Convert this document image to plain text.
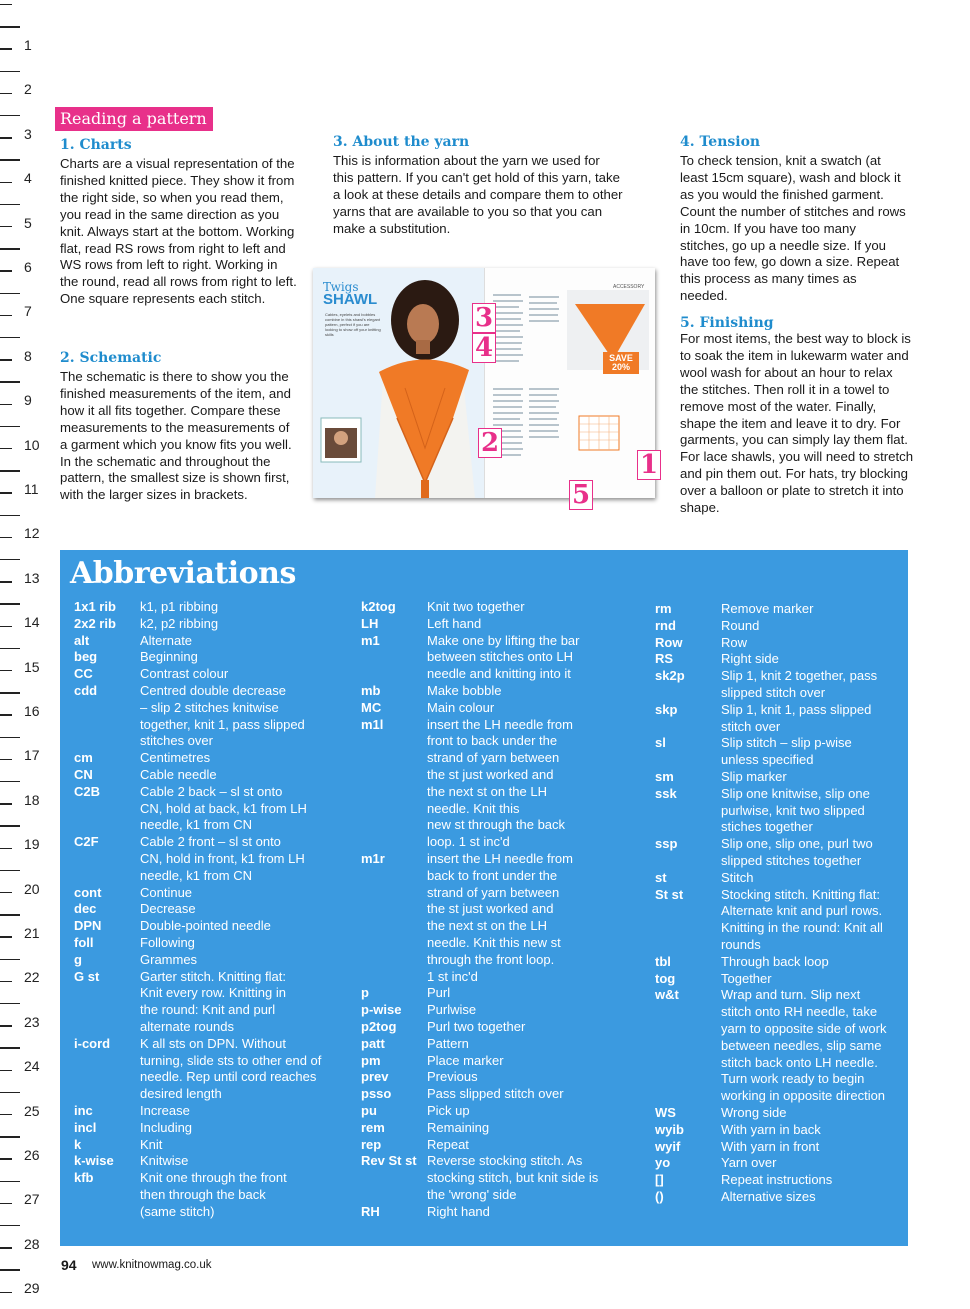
1
2
3
4
5
6
7
8
9
10
11
12
13
14
15
16
17
18
19
20
21
22
23
24
25
26
27
28
29
Reading a pattern
1. Charts

Charts are a visual representation of the finished knitted piece. They show it from the right side, so when you read them, you read in the same direction as you knit. Always start at the bottom. Working flat, read RS rows from right to left and WS rows from left to right. Working in the round, read all rows from right to left. One square represents each stitch.

2. Schematic

The schematic is there to show you the finished measurements of the item, and how it all fits together. Compare these measurements to the measurements of a garment which you know fits you well. In the schematic and throughout the pattern, the smallest size is shown first, with the larger sizes in brackets.

3. About the yarn

This is information about the yarn we used for this pattern. If you can't get hold of this yarn, take a look at these details and compare them to other yarns that are available to you so that you can make a substitution.

4. Tension

To check tension, knit a swatch (at least 15cm square), wash and block it as you would the finished garment. Count the number of stitches and rows in 10cm. If you have too many stitches, go up a needle size. If you have too few, go down a size. Repeat this process as many times as needed.

5. Finishing

For most items, the best way to block is to soak the item in lukewarm water and wool wash for about an hour to relax the stitches. Then roll it in a towel to remove most of the water. Finally, shape the item and leave it to dry. For garments, you can simply lay them flat. For lace shawls, you will need to stretch and pin them out. For hats, try blocking over a balloon or plate to stretch it into shape.

Twigs
SHAWL
Cables, eyelets and bobbles combine in this shawl's elegant pattern, perfect if you are looking to show off your knitting skills
ACCESSORY
SAVE 20%
3
4
2
1
5
Abbreviations
1x1 rib	k1, p1 ribbing
2x2 rib	k2, p2 ribbing
alt	Alternate
beg	Beginning
CC	Contrast colour
cdd	Centred double decrease
– slip 2 stitches knitwise
together, knit 1, pass slipped
stitches over
cm	Centimetres
CN	Cable needle
C2B	Cable 2 back – sl st onto
CN, hold at back, k1 from LH
needle, k1 from CN
C2F	Cable 2 front – sl st onto
CN, hold in front, k1 from LH
needle, k1 from CN
cont	Continue
dec	Decrease
DPN	Double-pointed needle
foll	Following
g	Grammes
G st	Garter stitch. Knitting flat:
Knit every row. Knitting in
the round: Knit and purl
alternate rounds
i-cord	K all sts on DPN. Without
turning, slide sts to other end of
needle. Rep until cord reaches
desired length
inc	Increase
incl	Including
k	Knit
k-wise	Knitwise
kfb	Knit one through the front
then through the back
(same stitch)
k2tog	Knit two together
LH	Left hand
m1	Make one by lifting the bar
between stitches onto LH
needle and knitting into it
mb	Make bobble
MC	Main colour
m1l	insert the LH needle from
front to back under the
strand of yarn between
the st just worked and
the next st on the LH
needle. Knit this
new st through the back
loop. 1 st inc'd
m1r	insert the LH needle from
back to front under the
strand of yarn between
the st just worked and
the next st on the LH
needle. Knit this new st
through the front loop.
1 st inc'd
p	Purl
p-wise	Purlwise
p2tog	Purl two together
patt	Pattern
pm	Place marker
prev	Previous
psso	Pass slipped stitch over
pu	Pick up
rem	Remaining
rep	Repeat
Rev St st Reverse stocking stitch. As
stocking stitch, but knit side is
the 'wrong' side
RH	Right hand
rm	Remove marker
rnd	Round
Row	Row
RS	Right side
sk2p	Slip 1, knit 2 together, pass
slipped stitch over
skp	Slip 1, knit 1, pass slipped
stitch over
sl	Slip stitch – slip p-wise
unless specified
sm	Slip marker
ssk	Slip one knitwise, slip one
purlwise, knit two slipped
stiches together
ssp	Slip one, slip one, purl two
slipped stitches together
st	Stitch
St st	Stocking stitch. Knitting flat:
Alternate knit and purl rows.
Knitting in the round: Knit all
rounds
tbl	Through back loop
tog	Together
w&t	Wrap and turn. Slip next
stitch onto RH needle, take
yarn to opposite side of work
between needles, slip same
stitch back onto LH needle.
Turn work ready to begin
working in opposite direction
WS	Wrong side
wyib	With yarn in back
wyif	With yarn in front
yo	Yarn over
[]	Repeat instructions
()	Alternative sizes
94 www.knitnowmag.co.uk
